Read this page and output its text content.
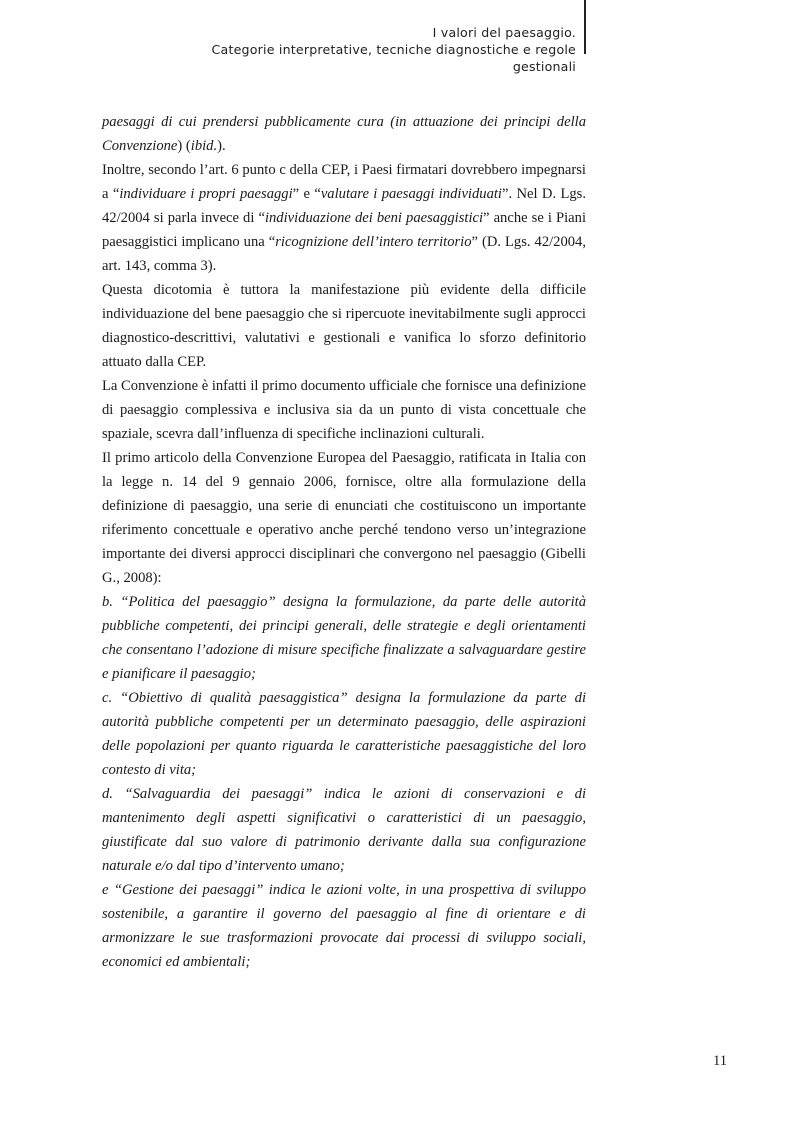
I valori del paesaggio.
Categorie interpretative, tecniche diagnostiche e regole gestionali

paesaggi di cui prendersi pubblicamente cura (in attuazione dei principi della Convenzione) (ibid.).

Inoltre, secondo l’art. 6 punto c della CEP, i Paesi firmatari dovrebbero impegnarsi a “individuare i propri paesaggi” e “valutare i paesaggi individuati”. Nel D. Lgs. 42/2004 si parla invece di “individuazione dei beni paesaggistici” anche se i Piani paesaggistici implicano una “ricognizione dell’intero territorio” (D. Lgs. 42/2004, art. 143, comma 3).

Questa dicotomia è tuttora la manifestazione più evidente della difficile individuazione del bene paesaggio che si ripercuote inevitabilmente sugli approcci diagnostico-descrittivi, valutativi e gestionali e vanifica lo sforzo definitorio attuato dalla CEP.

La Convenzione è infatti il primo documento ufficiale che fornisce una definizione di paesaggio complessiva e inclusiva sia da un punto di vista concettuale che spaziale, scevra dall’influenza di specifiche inclinazioni culturali.

Il primo articolo della Convenzione Europea del Paesaggio, ratificata in Italia con la legge n. 14 del 9 gennaio 2006, fornisce, oltre alla formulazione della definizione di paesaggio, una serie di enunciati che costituiscono un importante riferimento concettuale e operativo anche perché tendono verso un’integrazione importante dei diversi approcci disciplinari che convergono nel paesaggio (Gibelli G., 2008):

b. “Politica del paesaggio” designa la formulazione, da parte delle autorità pubbliche competenti, dei principi generali, delle strategie e degli orientamenti che consentano l’adozione di misure specifiche finalizzate a salvaguardare gestire e pianificare il paesaggio;

c. “Obiettivo di qualità paesaggistica” designa la formulazione da parte di autorità pubbliche competenti per un determinato paesaggio, delle aspirazioni delle popolazioni per quanto riguarda le caratteristiche paesaggistiche del loro contesto di vita;

d. “Salvaguardia dei paesaggi” indica le azioni di conservazioni e di mantenimento degli aspetti significativi o caratteristici di un paesaggio, giustificate dal suo valore di patrimonio derivante dalla sua configurazione naturale e/o dal tipo d’intervento umano;

e “Gestione dei paesaggi” indica le azioni volte, in una prospettiva di sviluppo sostenibile, a garantire il governo del paesaggio al fine di orientare e di armonizzare le sue trasformazioni provocate dai processi di sviluppo sociali, economici ed ambientali;

11
